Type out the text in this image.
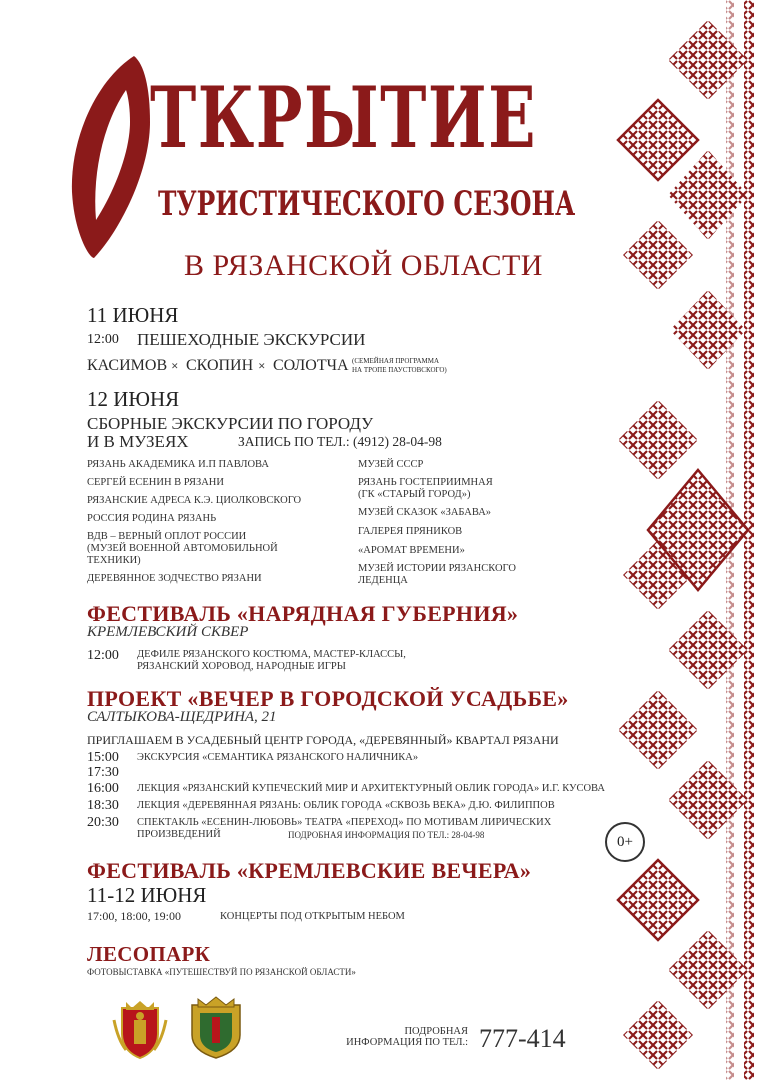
ТКРЫТИЕ
ТУРИСТИЧЕСКОГО СЕЗОНА
В РЯЗАНСКОЙ ОБЛАСТИ
11 ИЮНЯ
12:00 ПЕШЕХОДНЫЕ ЭКСКУРСИИ
КАСИМОВ ✕ СКОПИН ✕ СОЛОТЧА (СЕМЕЙНАЯ ПРОГРАММА
НА ТРОПЕ ПАУСТОВСКОГО)
12 ИЮНЯ
СБОРНЫЕ ЭКСКУРСИИ ПО ГОРОДУ
И В МУЗЕЯХ	ЗАПИСЬ ПО ТЕЛ.: (4912) 28-04-98
РЯЗАНЬ АКАДЕМИКА И.П ПАВЛОВА
СЕРГЕЙ ЕСЕНИН В РЯЗАНИ
РЯЗАНСКИЕ АДРЕСА К.Э. ЦИОЛКОВСКОГО
РОССИЯ РОДИНА РЯЗАНЬ
ВДВ – ВЕРНЫЙ ОПЛОТ РОССИИ
(МУЗЕЙ ВОЕННОЙ АВТОМОБИЛЬНОЙ
ТЕХНИКИ)
ДЕРЕВЯННОЕ ЗОДЧЕСТВО РЯЗАНИ
МУЗЕЙ СССР
РЯЗАНЬ ГОСТЕПРИИМНАЯ
(ГК «СТАРЫЙ ГОРОД»)
МУЗЕЙ СКАЗОК «ЗАБАВА»
ГАЛЕРЕЯ ПРЯНИКОВ
«АРОМАТ ВРЕМЕНИ»
МУЗЕЙ ИСТОРИИ РЯЗАНСКОГО
ЛЕДЕНЦА
ФЕСТИВАЛЬ «НАРЯДНАЯ ГУБЕРНИЯ»
КРЕМЛЕВСКИЙ СКВЕР
12:00 ДЕФИЛЕ РЯЗАНСКОГО КОСТЮМА, МАСТЕР-КЛАССЫ,
РЯЗАНСКИЙ ХОРОВОД, НАРОДНЫЕ ИГРЫ
ПРОЕКТ «ВЕЧЕР В ГОРОДСКОЙ УСАДЬБЕ»
САЛТЫКОВА-ЩЕДРИНА, 21
ПРИГЛАШАЕМ В УСАДЕБНЫЙ ЦЕНТР ГОРОДА, «ДЕРЕВЯННЫЙ» КВАРТАЛ РЯЗАНИ
15:00 ЭКСКУРСИЯ «СЕМАНТИКА РЯЗАНСКОГО НАЛИЧНИКА»
17:30
16:00 ЛЕКЦИЯ «РЯЗАНСКИЙ КУПЕЧЕСКИЙ МИР И АРХИТЕКТУРНЫЙ ОБЛИК ГОРОДА» И.Г. КУСОВА
18:30 ЛЕКЦИЯ «ДЕРЕВЯННАЯ РЯЗАНЬ: ОБЛИК ГОРОДА «СКВОЗЬ ВЕКА» Д.Ю. ФИЛИППОВ
20:30 СПЕКТАКЛЬ «ЕСЕНИН-ЛЮБОВЬ» ТЕАТРА «ПЕРЕХОД» ПО МОТИВАМ ЛИРИЧЕСКИХ
ПРОИЗВЕДЕНИЙ	ПОДРОБНАЯ ИНФОРМАЦИЯ ПО ТЕЛ.: 28-04-98	0+
ФЕСТИВАЛЬ «КРЕМЛЕВСКИЕ ВЕЧЕРА»
11-12 ИЮНЯ
17:00, 18:00, 19:00	КОНЦЕРТЫ ПОД ОТКРЫТЫМ НЕБОМ
ЛЕСОПАРК
ФОТОВЫСТАВКА «ПУТЕШЕСТВУЙ ПО РЯЗАНСКОЙ ОБЛАСТИ»
ПОДРОБНАЯ
ИНФОРМАЦИЯ ПО ТЕЛ.: 777-414
